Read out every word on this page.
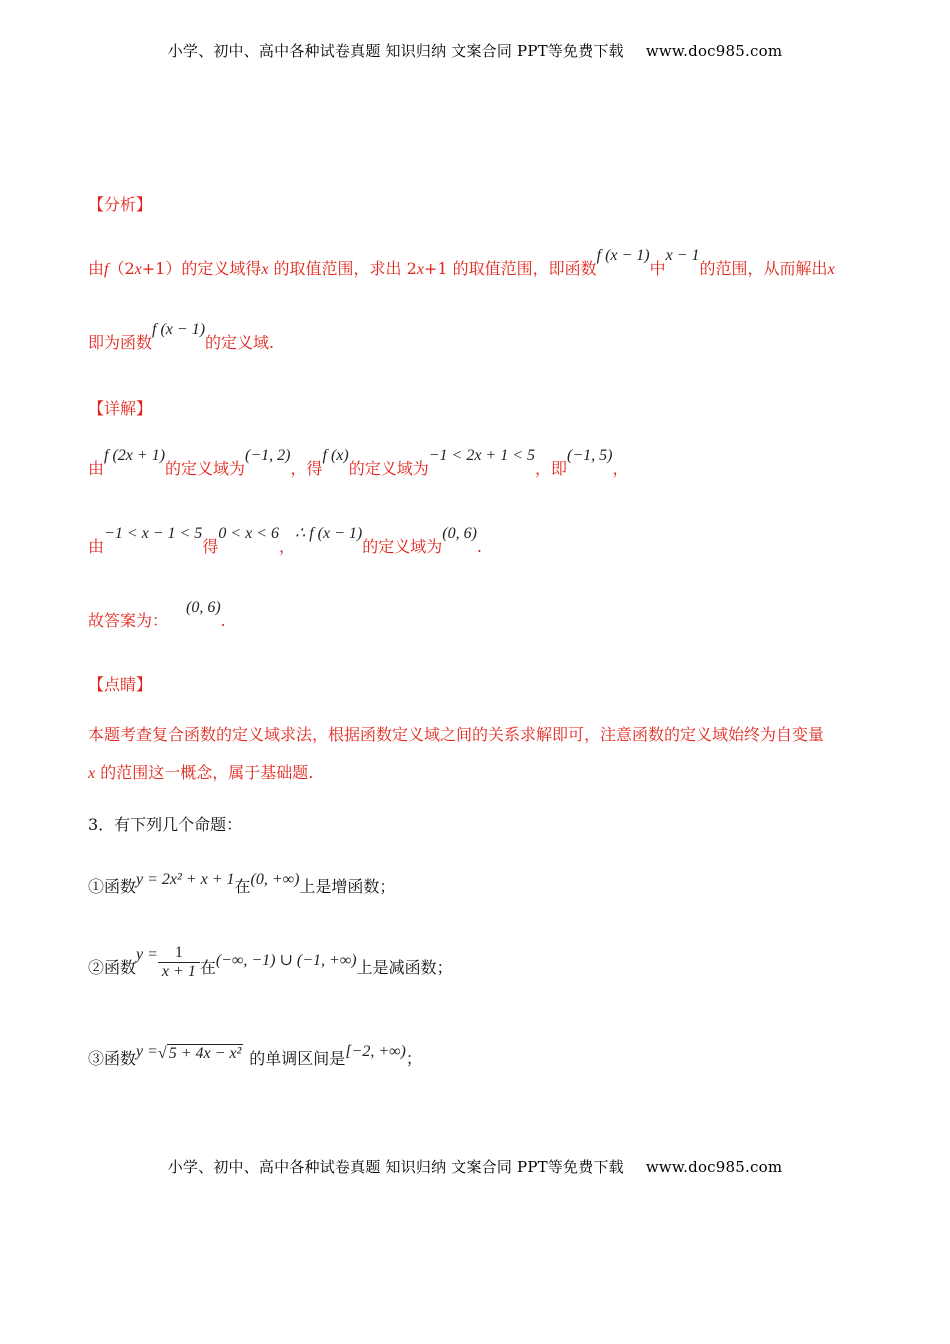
小学、初中、高中各种试卷真题 知识归纳 文案合同 PPT等免费下载 www.doc985.com
【分析】
由f（2x+1）的定义域得x 的取值范围，求出 2x+1 的取值范围，即函数f (x − 1)中x − 1的范围，从而解出x
即为函数f (x − 1)的定义域.
【详解】
由f (2x + 1)的定义域为(−1, 2)，得f (x)的定义域为−1 < 2x + 1 < 5，即(−1, 5)，
由−1 < x − 1 < 5得0 < x < 6，∴ f (x − 1)的定义域为(0, 6).
故答案为：(0, 6).
【点睛】
本题考查复合函数的定义域求法，根据函数定义域之间的关系求解即可，注意函数的定义域始终为自变量
x 的范围这一概念，属于基础题.
3．有下列几个命题：
①函数y = 2x² + x + 1在(0, +∞)上是增函数；
②函数$y = \frac{1}{x + 1}$ 在(−∞, −1) ∪ (−1, +∞)上是减函数；
③函数y =√ 5 + 4x − x² 的单调区间是[−2, +∞)；
小学、初中、高中各种试卷真题 知识归纳 文案合同 PPT等免费下载 www.doc985.com
